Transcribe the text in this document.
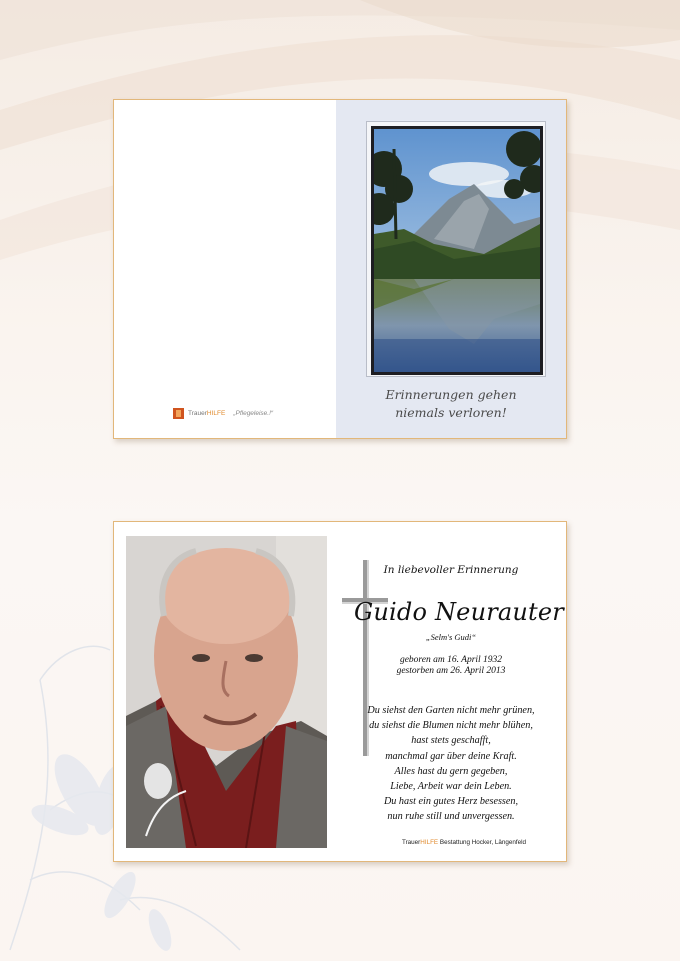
TrauerHILFE „Pflegeleise.!“
Erinnerungen gehen
niemals verloren!
In liebevoller Erinnerung
Guido Neurauter
„Selm's Gudi“
geboren am 16. April 1932
gestorben am 26. April 2013
Du siehst den Garten nicht mehr grünen,
du siehst die Blumen nicht mehr blühen,
hast stets geschafft,
manchmal gar über deine Kraft.
Alles hast du gern gegeben,
Liebe, Arbeit war dein Leben.
Du hast ein gutes Herz besessen,
nun ruhe still und unvergessen.
TrauerHILFE Bestattung Hocker, Längenfeld
